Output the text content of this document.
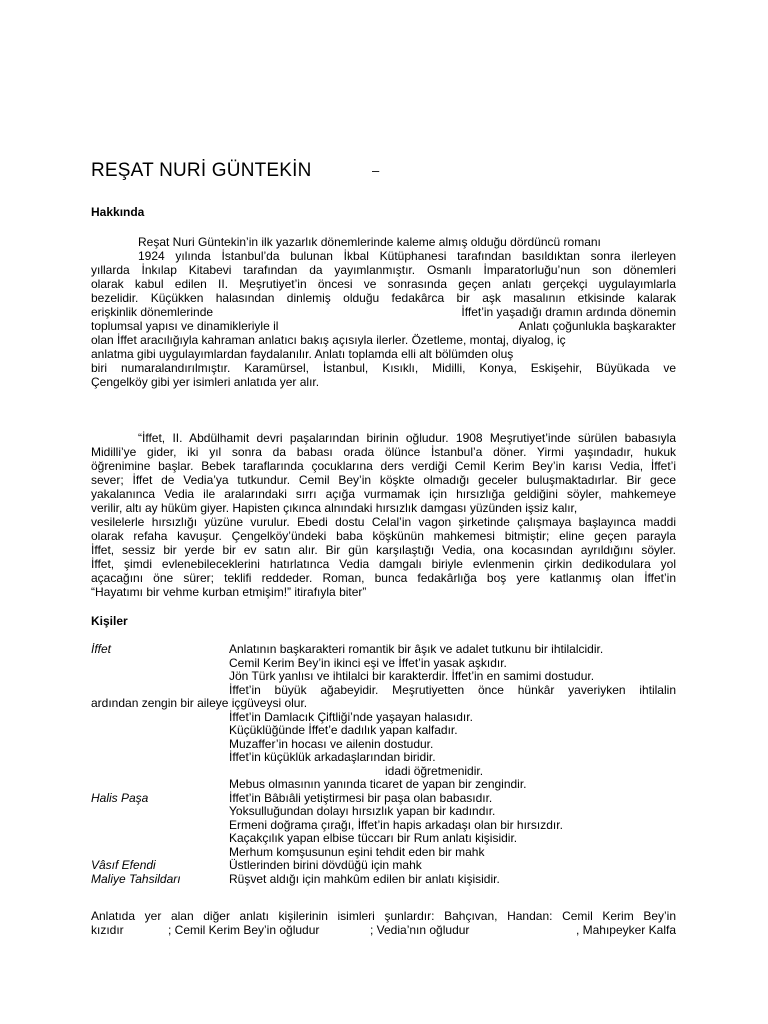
REŞAT NURİ GÜNTEKİN	–
Hakkında

Reşat Nuri Güntekin’in ilk yazarlık dönemlerinde kaleme almış olduğu dördüncü romanı

1924 yılında İstanbul’da bulunan İkbal Kütüphanesi tarafından basıldıktan sonra ilerleyen

yıllarda İnkılap Kitabevi tarafından da yayımlanmıştır. Osmanlı İmparatorluğu’nun son dönemleri

olarak kabul edilen II. Meşrutiyet’in öncesi ve sonrasında geçen anlatı gerçekçi uygulayımlarla

bezelidir. Küçükken halasından dinlemiş olduğu fedakârca bir aşk masalının etkisinde kalarak

erişkinlik dönemlerinde	İffet’in yaşadığı dramın ardında dönemin

toplumsal yapısı ve dinamikleriyle il	Anlatı çoğunlukla başkarakter

olan İffet aracılığıyla kahraman anlatıcı bakış açısıyla ilerler. Özetleme, montaj, diyalog, iç

anlatma gibi uygulayımlardan faydalanılır. Anlatı toplamda elli alt bölümden oluş

biri numaralandırılmıştır. Karamürsel, İstanbul, Kısıklı, Midilli, Konya, Eskişehir, Büyükada ve

Çengelköy gibi yer isimleri anlatıda yer alır.

“İffet, II. Abdülhamit devri paşalarından birinin oğludur. 1908 Meşrutiyet’inde sürülen babasıyla

Midilli’ye gider, iki yıl sonra da babası orada ölünce İstanbul’a döner. Yirmi yaşındadır, hukuk

öğrenimine başlar. Bebek taraflarında çocuklarına ders verdiği Cemil Kerim Bey’in karısı Vedia, İffet’i

sever; İffet de Vedia’ya tutkundur. Cemil Bey’in köşkte olmadığı geceler buluşmaktadırlar. Bir gece

yakalanınca Vedia ile aralarındaki sırrı açığa vurmamak için hırsızlığa geldiğini söyler, mahkemeye

verilir, altı ay hüküm giyer. Hapisten çıkınca alnındaki hırsızlık damgası yüzünden işsiz kalır,

vesilelerle hırsızlığı yüzüne vurulur. Ebedi dostu Celal’in vagon şirketinde çalışmaya başlayınca maddi

olarak refaha kavuşur. Çengelköy’ündeki baba köşkünün mahkemesi bitmiştir; eline geçen parayla

İffet, sessiz bir yerde bir ev satın alır. Bir gün karşılaştığı Vedia, ona kocasından ayrıldığını söyler.

İffet, şimdi evlenebileceklerini hatırlatınca Vedia damgalı biriyle evlenmenin çirkin dedikodulara yol

açacağını öne sürer; teklifi reddeder. Roman, bunca fedakârlığa boş yere katlanmış olan İffet’in

“Hayatımı bir vehme kurban etmişim!” itirafıyla biter”

Kişiler
İffet	Anlatının başkarakteri romantik bir âşık ve adalet tutkunu bir ihtilalcidir.
Cemil Kerim Bey’in ikinci eşi ve İffet’in yasak aşkıdır.
Jön Türk yanlısı ve ihtilalci bir karakterdir. İffet’in en samimi dostudur.
İffet’in büyük ağabeyidir. Meşrutiyetten önce hünkâr yaveriyken ihtilalin
ardından zengin bir aileye içgüveysi olur.
İffet’in Damlacık Çiftliği’nde yaşayan halasıdır.
Küçüklüğünde İffet’e dadılık yapan kalfadır.
Muzaffer’in hocası ve ailenin dostudur.
İffet’in küçüklük arkadaşlarından biridir.
idadi öğretmenidir.
Mebus olmasının yanında ticaret de yapan bir zengindir.
Halis Paşa	İffet’in Bâbıâli yetiştirmesi bir paşa olan babasıdır.
Yoksulluğundan dolayı hırsızlık yapan bir kadındır.
Ermeni doğrama çırağı, İffet’in hapis arkadaşı olan bir hırsızdır.
Kaçakçılık yapan elbise tüccarı bir Rum anlatı kişisidir.
Merhum komşusunun eşini tehdit eden bir mahk
Vâsıf Efendi	Üstlerinden birini dövdüğü için mahk
Maliye Tahsildarı	Rüşvet aldığı için mahkûm edilen bir anlatı kişisidir.

Anlatıda yer alan diğer anlatı kişilerinin isimleri şunlardır: Bahçıvan, Handan: Cemil Kerim Bey’in

kızıdır	; Cemil Kerim Bey’in oğludur	; Vedia’nın oğludur	, Mahıpeyker Kalfa
